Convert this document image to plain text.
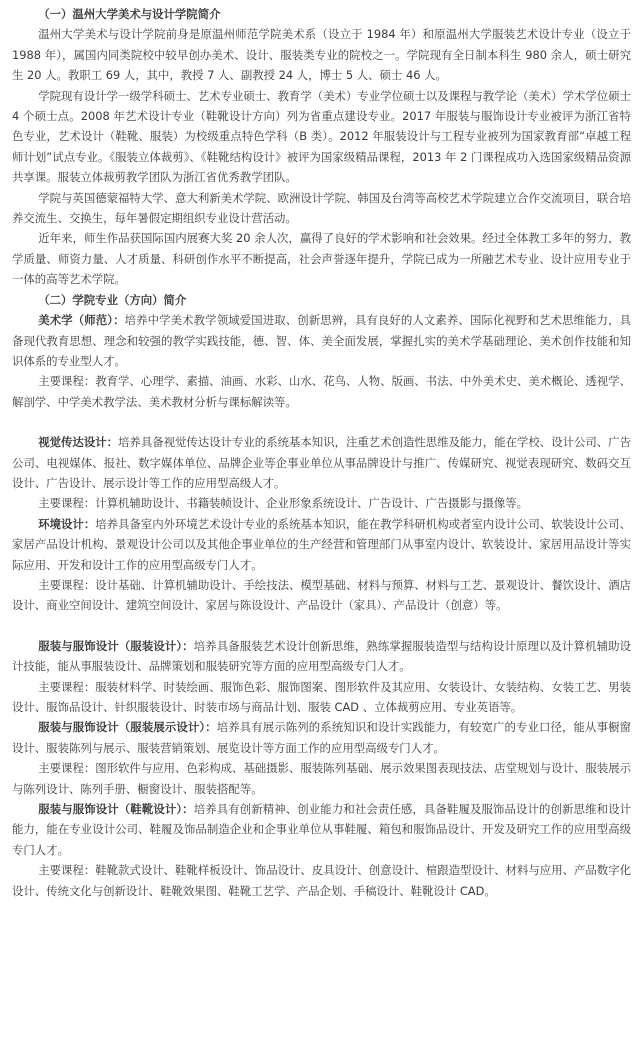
（一）温州大学美术与设计学院简介

温州大学美术与设计学院前身是原温州师范学院美术系（设立于 1984 年）和原温州大学服装艺术设计专业（设立于 1988 年），属国内同类院校中较早创办美术、设计、服装类专业的院校之一。学院现有全日制本科生 980 余人，硕士研究生 20 人。教职工 69 人，其中，教授 7 人、副教授 24 人，博士 5 人、硕士 46 人。

学院现有设计学一级学科硕士、艺术专业硕士、教育学（美术）专业学位硕士以及课程与教学论（美术）学术学位硕士 4 个硕士点。2008 年艺术设计专业（鞋靴设计方向）列为省重点建设专业。2017 年服装与服饰设计专业被评为浙江省特色专业，艺术设计（鞋靴、服装）为校级重点特色学科（B 类）。2012 年服装设计与工程专业被列为国家教育部“卓越工程师计划”试点专业。《服装立体裁剪》、《鞋靴结构设计》被评为国家级精品课程，2013 年 2 门课程成功入选国家级精品资源共享课。服装立体裁剪教学团队为浙江省优秀教学团队。

学院与英国德蒙福特大学、意大利新美术学院、欧洲设计学院、韩国及台湾等高校艺术学院建立合作交流项目，联合培养交流生、交换生，每年暑假定期组织专业设计营活动。

近年来，师生作品获国际国内展赛大奖 20 余人次，赢得了良好的学术影响和社会效果。经过全体教工多年的努力，教学质量、师资力量、人才质量、科研创作水平不断提高，社会声誉逐年提升，学院已成为一所融艺术专业、设计应用专业于一体的高等艺术学院。

（二）学院专业（方向）简介

美术学（师范）：培养中学美术教学领域爱国进取、创新思辨，具有良好的人文素养、国际化视野和艺术思维能力，具备现代教育思想、理念和较强的教学实践技能，德、智、体、美全面发展，掌握扎实的美术学基础理论、美术创作技能和知识体系的专业型人才。

主要课程：教育学、心理学、素描、油画、水彩、山水、花鸟、人物、版画、书法、中外美术史、美术概论、透视学、解剖学、中学美术教学法、美术教材分析与课标解读等。

视觉传达设计：培养具备视觉传达设计专业的系统基本知识，注重艺术创造性思维及能力，能在学校、设计公司、广告公司、电视媒体、报社、数字媒体单位、品牌企业等企事业单位从事品牌设计与推广、传媒研究、视觉表现研究、数码交互设计、广告设计、展示设计等工作的应用型高级人才。

主要课程：计算机辅助设计、书籍装帧设计、企业形象系统设计、广告设计、广告摄影与摄像等。

环境设计：培养具备室内外环境艺术设计专业的系统基本知识，能在教学科研机构或者室内设计公司、软装设计公司、家居产品设计机构、景观设计公司以及其他企事业单位的生产经营和管理部门从事室内设计、软装设计、家居用品设计等实际应用、开发和设计工作的应用型高级专门人才。

主要课程：设计基础、计算机辅助设计、手绘技法、模型基础、材料与预算、材料与工艺、景观设计、餐饮设计、酒店设计、商业空间设计、建筑空间设计、家居与陈设设计、产品设计（家具）、产品设计（创意）等。

服装与服饰设计（服装设计）：培养具备服装艺术设计创新思维，熟练掌握服装造型与结构设计原理以及计算机辅助设计技能，能从事服装设计、品牌策划和服装研究等方面的应用型高级专门人才。

主要课程：服装材料学、时装绘画、服饰色彩、服饰图案、图形软件及其应用、女装设计、女装结构、女装工艺、男装设计、服饰品设计、针织服装设计、时装市场与商品计划、服装 CAD 、立体裁剪应用、专业英语等。

服装与服饰设计（服装展示设计）：培养具有展示陈列的系统知识和设计实践能力，有较宽广的专业口径，能从事橱窗设计、服装陈列与展示、服装营销策划、展览设计等方面工作的应用型高级专门人才。

主要课程：图形软件与应用、色彩构成、基础摄影、服装陈列基础、展示效果图表现技法、店堂规划与设计、服装展示与陈列设计、陈列手册、橱窗设计、服装搭配等。

服装与服饰设计（鞋靴设计）：培养具有创新精神、创业能力和社会责任感，具备鞋履及服饰品设计的创新思维和设计能力，能在专业设计公司、鞋履及饰品制造企业和企事业单位从事鞋履、箱包和服饰品设计、开发及研究工作的应用型高级专门人才。

主要课程：鞋靴款式设计、鞋靴样板设计、饰品设计、皮具设计、创意设计、楦跟造型设计、材料与应用、产品数字化设计、传统文化与创新设计、鞋靴效果图、鞋靴工艺学、产品企划、手稿设计、鞋靴设计 CAD。
